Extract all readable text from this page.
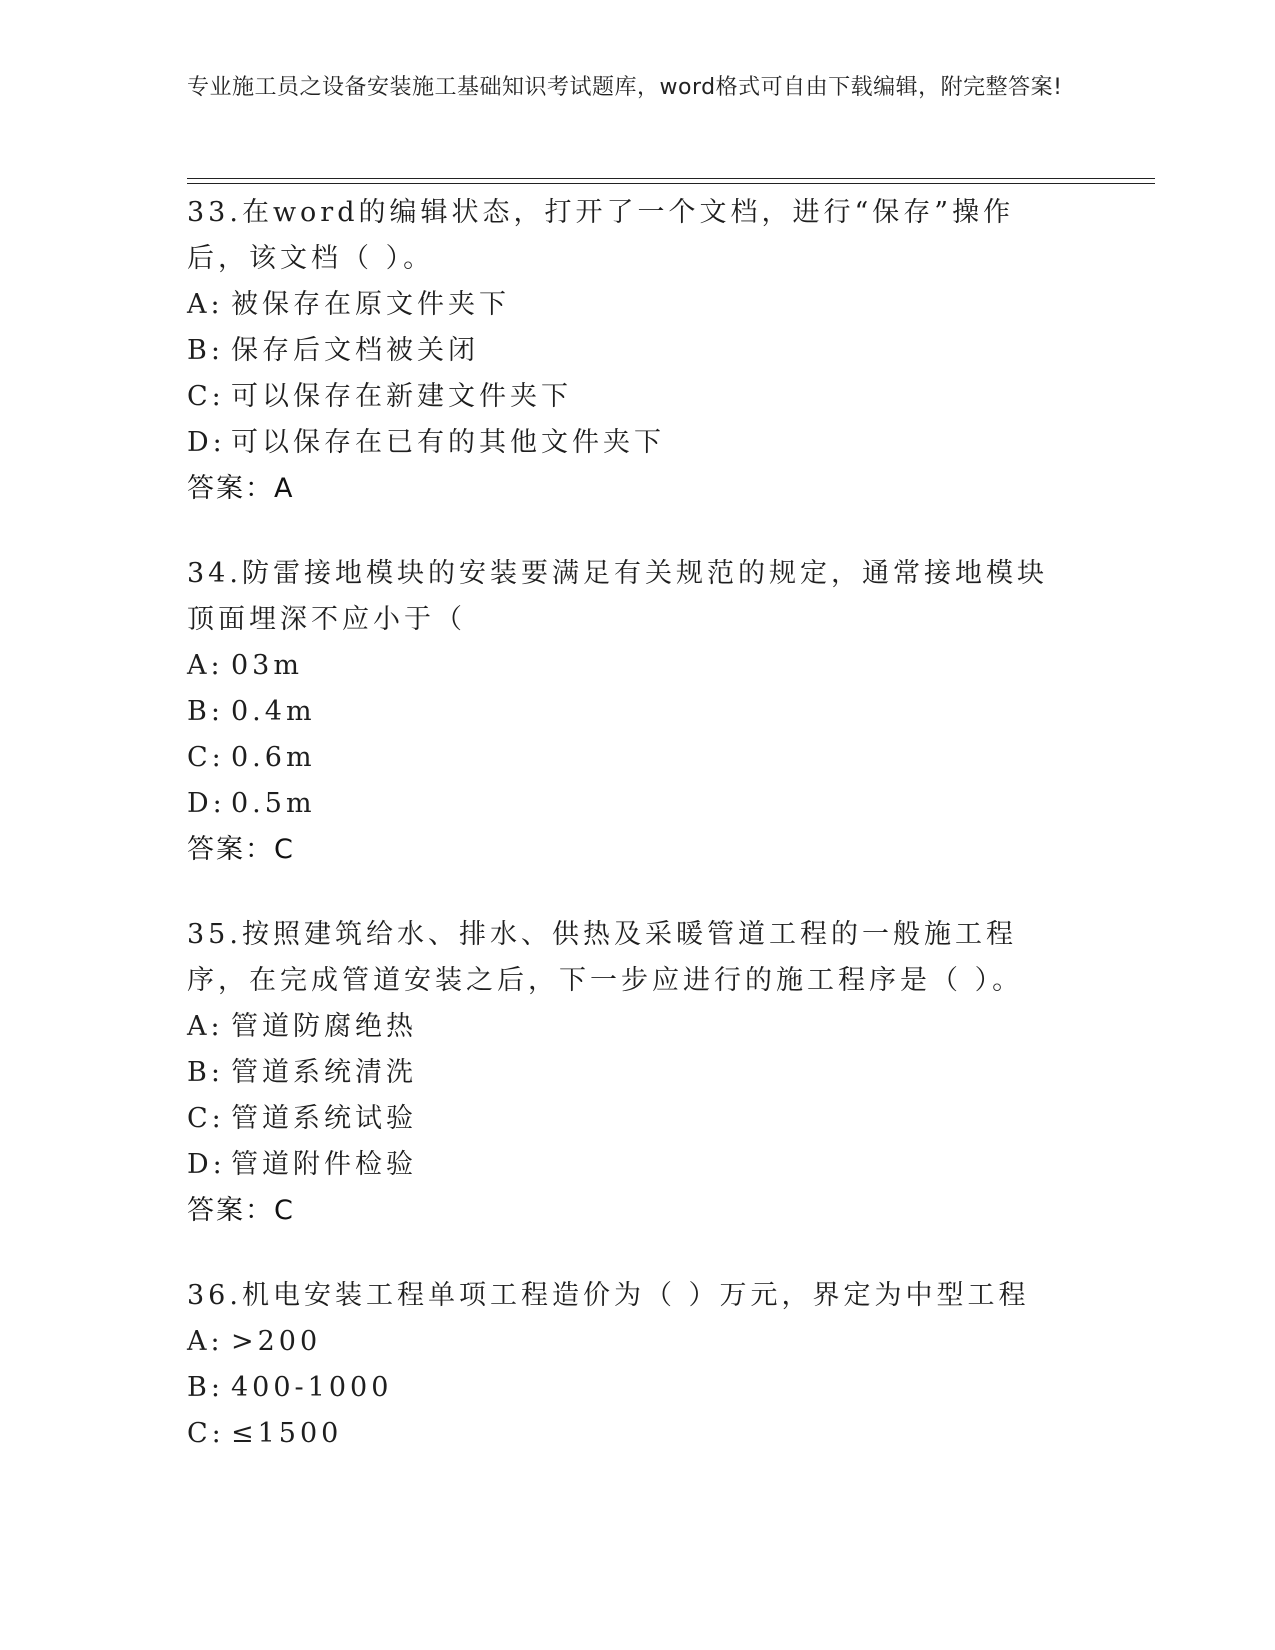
专业施工员之设备安装施工基础知识考试题库，word格式可自由下载编辑，附完整答案!

33.在word的编辑状态，打开了一个文档，进行“保存”操作后，该文档（ ）。

A: 被保存在原文件夹下

B: 保存后文档被关闭

C: 可以保存在新建文件夹下

D: 可以保存在已有的其他文件夹下

答案：A

34.防雷接地模块的安装要满足有关规范的规定，通常接地模块顶面埋深不应小于（

A: 03m

B: 0.4m

C: 0.6m

D: 0.5m

答案：C

35.按照建筑给水、排水、供热及采暖管道工程的一般施工程序，在完成管道安装之后，下一步应进行的施工程序是（ ）。

A: 管道防腐绝热

B: 管道系统清洗

C: 管道系统试验

D: 管道附件检验

答案：C

36.机电安装工程单项工程造价为（ ）万元，界定为中型工程

A: >200

B: 400-1000

C: ≤1500
